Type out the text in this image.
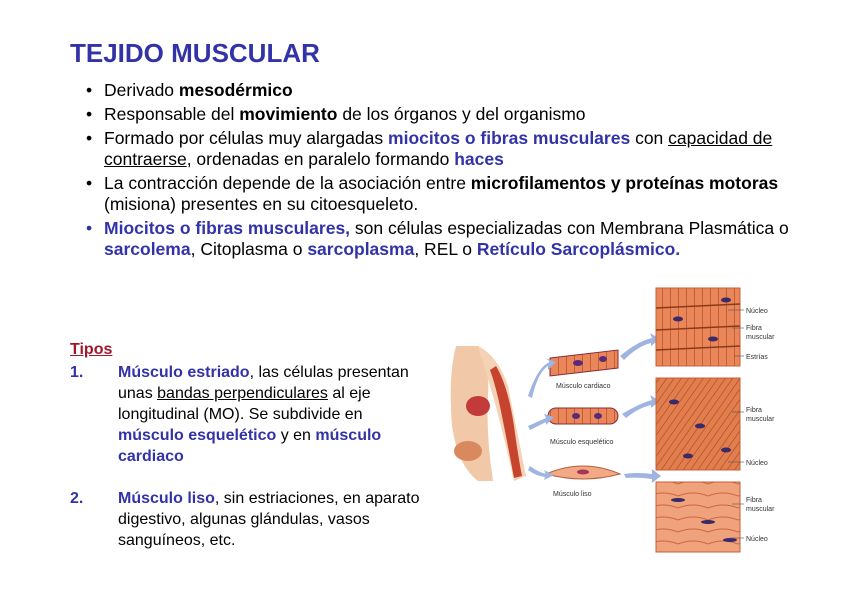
TEJIDO MUSCULAR
• Derivado mesodérmico
• Responsable del movimiento de los órganos y del organismo
• Formado por células muy alargadas miocitos o fibras musculares con capacidad de contraerse, ordenadas en paralelo formando haces
• La contracción depende de la asociación entre microfilamentos y proteínas motoras (misiona) presentes en su citoesqueleto.
• Miocitos o fibras musculares, son células especializadas con Membrana Plasmática o sarcolema, Citoplasma o sarcoplasma, REL o Retículo Sarcoplásmico.
Tipos
1. Músculo estriado, las células presentan unas bandas perpendiculares al eje longitudinal (MO). Se subdivide en músculo esquelético y en músculo cardiaco
2. Músculo liso, sin estriaciones, en aparato digestivo, algunas glándulas, vasos sanguíneos, etc.
Músculo cardiaco
Músculo esquelético
Músculo liso
Núcleo
Fibra
muscular
Estrías
Fibra
muscular
Núcleo
Fibra
muscular
Núcleo
